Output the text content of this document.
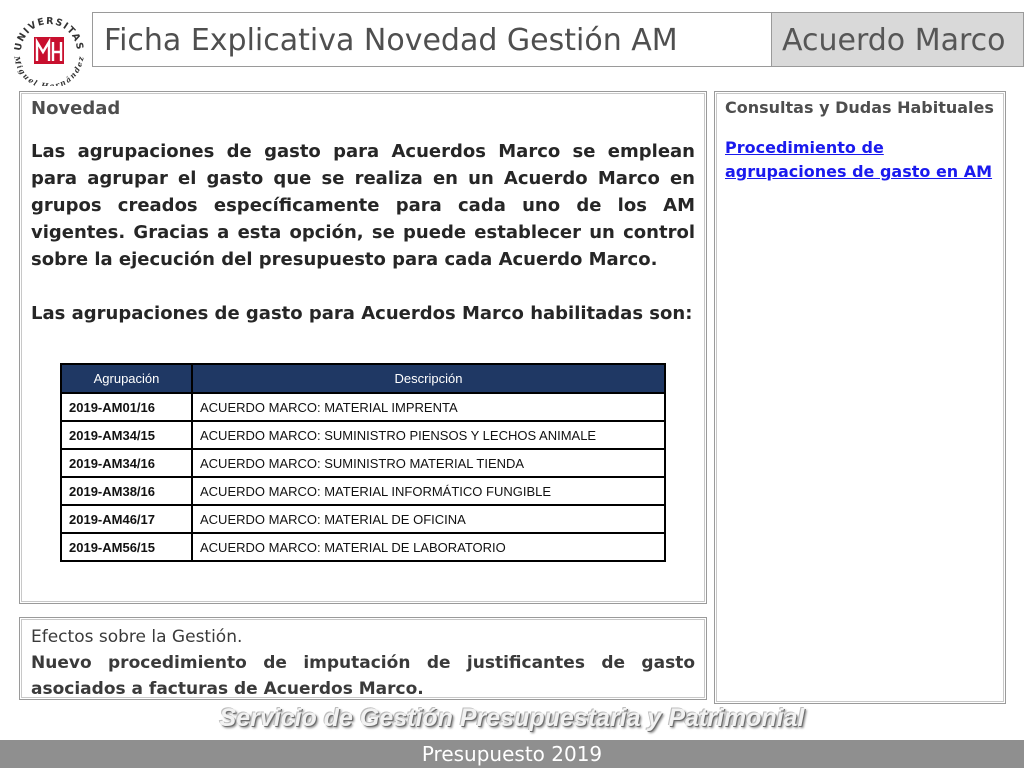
UNIVERSITAS
Miguel Hernández
Ficha Explicativa Novedad Gestión AM	Acuerdo Marco
Novedad
Las agrupaciones de gasto para Acuerdos Marco se emplean para agrupar el gasto que se realiza en un Acuerdo Marco en grupos creados específicamente para cada uno de los AM vigentes. Gracias a esta opción, se puede establecer un control sobre la ejecución del presupuesto para cada Acuerdo Marco.
Las agrupaciones de gasto para Acuerdos Marco habilitadas son:
Agrupación	Descripción
2019-AM01/16	ACUERDO MARCO: MATERIAL IMPRENTA
2019-AM34/15	ACUERDO MARCO: SUMINISTRO PIENSOS Y LECHOS ANIMALE
2019-AM34/16	ACUERDO MARCO: SUMINISTRO MATERIAL TIENDA
2019-AM38/16	ACUERDO MARCO: MATERIAL INFORMÁTICO FUNGIBLE
2019-AM46/17	ACUERDO MARCO: MATERIAL DE OFICINA
2019-AM56/15	ACUERDO MARCO: MATERIAL DE LABORATORIO
Consultas y Dudas Habituales
Procedimiento de agrupaciones de gasto en AM
Efectos sobre la Gestión.
Nuevo procedimiento de imputación de justificantes de gasto asociados a facturas de Acuerdos Marco.
Servicio de Gestión Presupuestaria y Patrimonial
Presupuesto 2019
